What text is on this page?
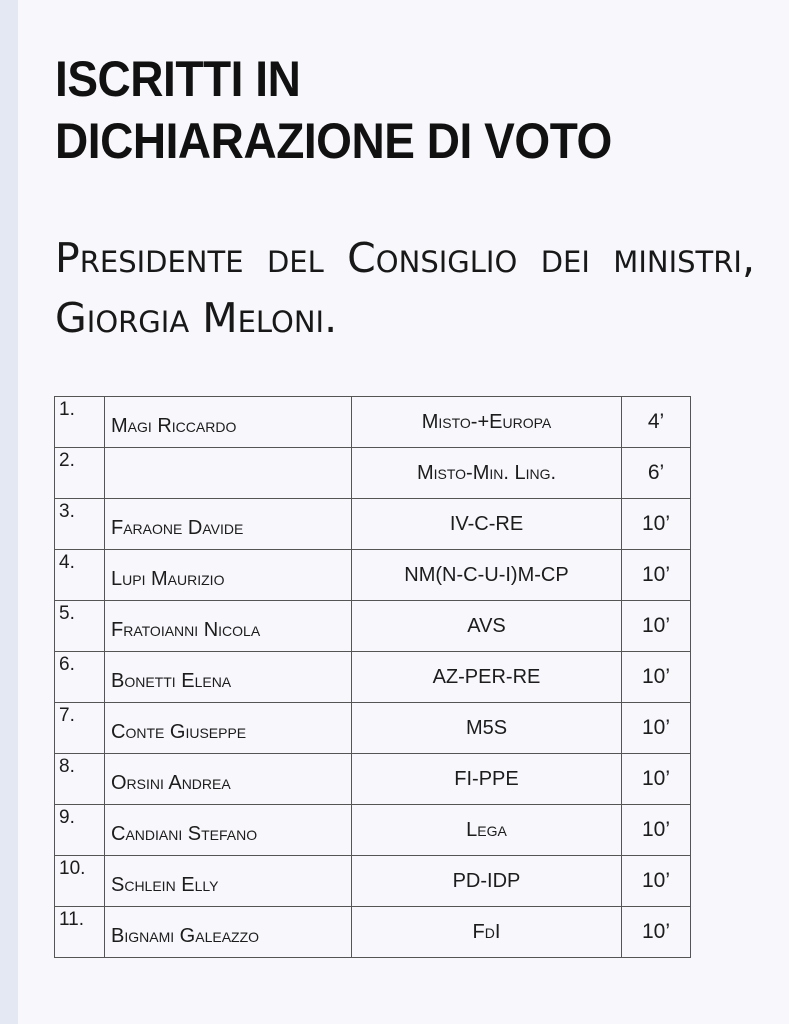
ISCRITTI IN
DICHIARAZIONE DI VOTO

Presidente del Consiglio dei ministri, Giorgia Meloni.

1.	Magi Riccardo	Misto-+Europa	4’
2.		Misto-Min. Ling.	6’
3.	Faraone Davide	IV-C-RE	10’
4.	Lupi Maurizio	NM(N-C-U-I)M-CP	10’
5.	Fratoianni Nicola	AVS	10’
6.	Bonetti Elena	AZ-PER-RE	10’
7.	Conte Giuseppe	M5S	10’
8.	Orsini Andrea	FI-PPE	10’
9.	Candiani Stefano	Lega	10’
10.	Schlein Elly	PD-IDP	10’
11.	Bignami Galeazzo	FdI	10’
